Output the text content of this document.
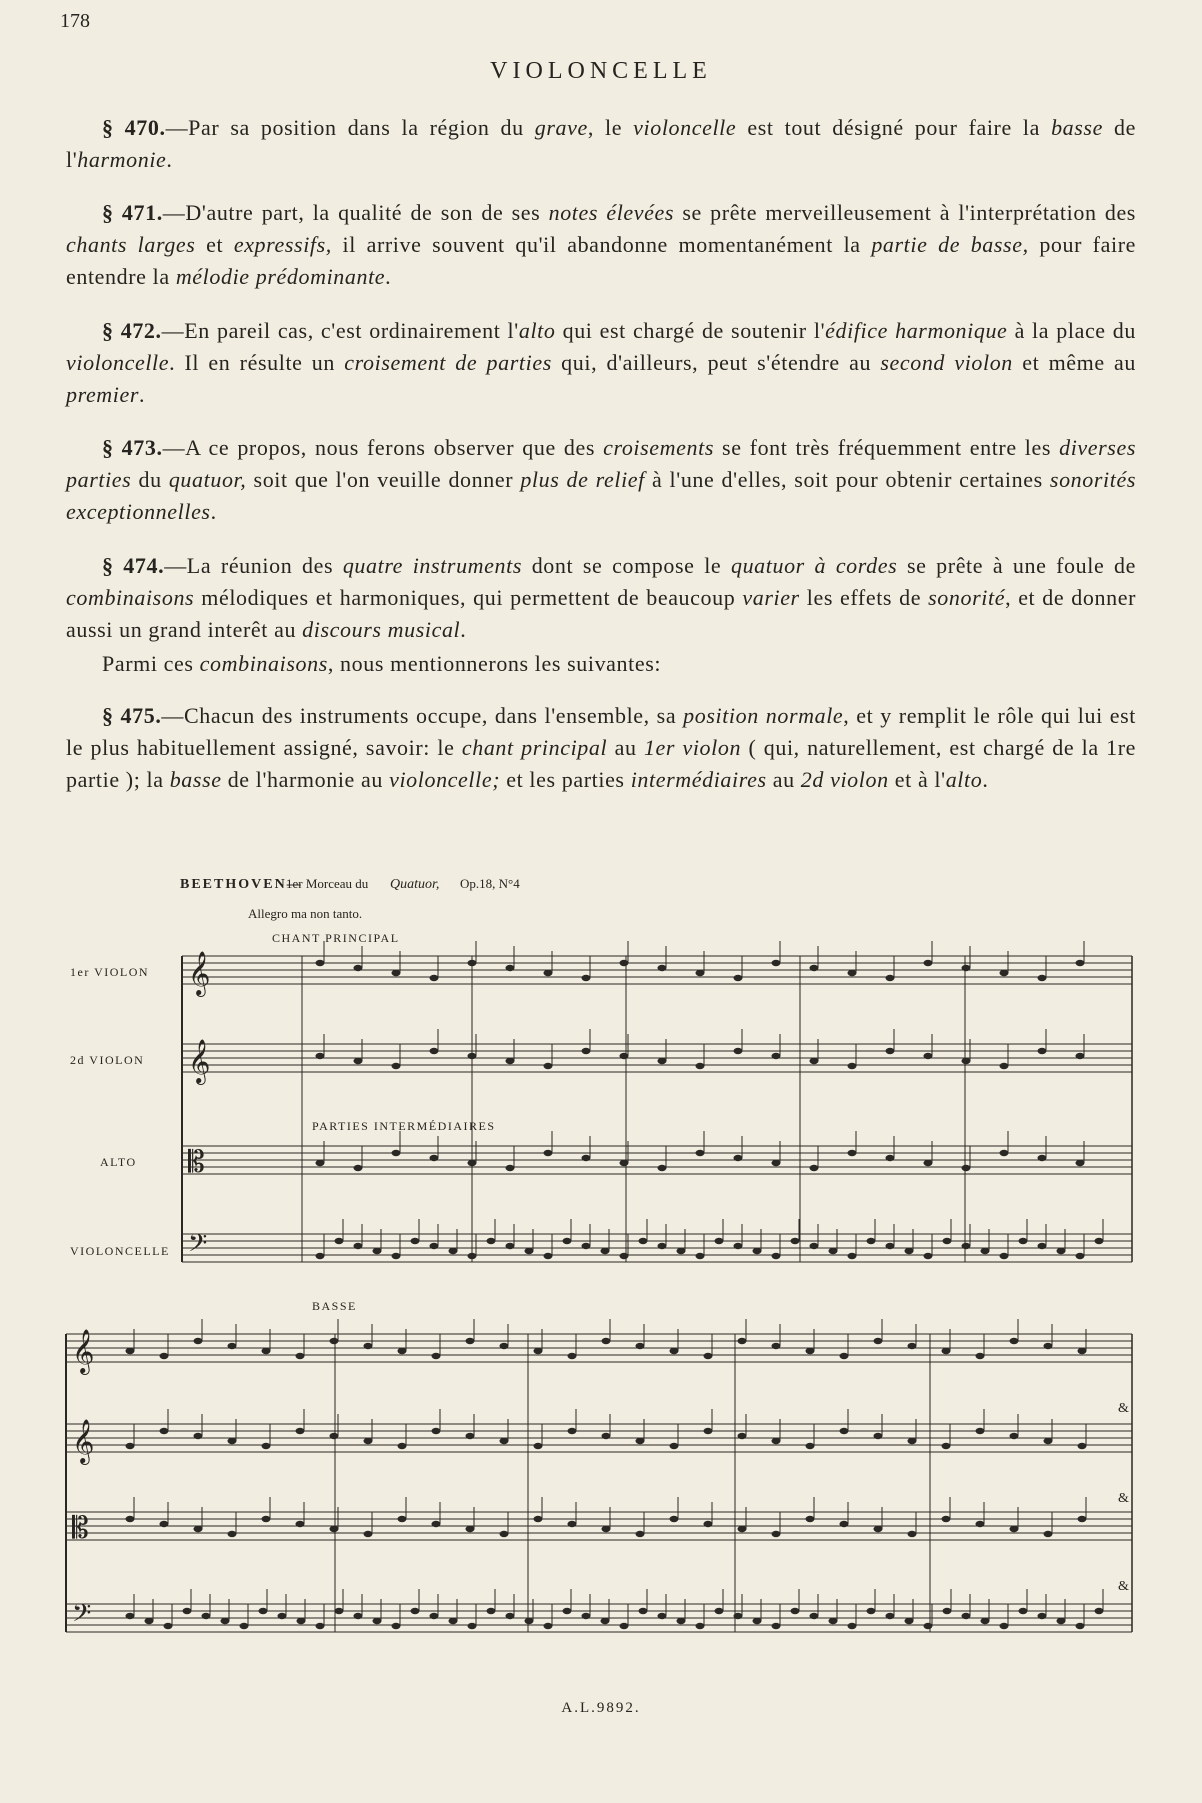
178
VIOLONCELLE
§ 470.—Par sa position dans la région du grave, le violoncelle est tout désigné pour faire la basse de l'harmonie.
§ 471.—D'autre part, la qualité de son de ses notes élevées se prête merveilleusement à l'interprétation des chants larges et expressifs, il arrive souvent qu'il abandonne momentanément la partie de basse, pour faire entendre la mélodie prédominante.
§ 472.—En pareil cas, c'est ordinairement l'alto qui est chargé de soutenir l'édifice harmonique à la place du violoncelle. Il en résulte un croisement de parties qui, d'ailleurs, peut s'étendre au second violon et même au premier.
§ 473.—A ce propos, nous ferons observer que des croisements se font très fréquemment entre les diverses parties du quatuor, soit que l'on veuille donner plus de relief à l'une d'elles, soit pour obtenir certaines sonorités exceptionnelles.
§ 474.—La réunion des quatre instruments dont se compose le quatuor à cordes se prête à une foule de combinaisons mélodiques et harmoniques, qui permettent de beaucoup varier les effets de sonorité, et de donner aussi un grand interêt au discours musical.
Parmi ces combinaisons, nous mentionnerons les suivantes:
§ 475.—Chacun des instruments occupe, dans l'ensemble, sa position normale, et y remplit le rôle qui lui est le plus habituellement assigné, savoir: le chant principal au 1er violon ( qui, naturellement, est chargé de la 1re partie ); la basse de l'harmonie au violoncelle; et les parties intermédiaires au 2d violon et à l'alto.
BEETHOVEN—
1er Morceau du Quatuor, Op.18, N°4
Allegro ma non tanto.
CHANT PRINCIPAL
PARTIES INTERMÉDIAIRES
BASSE
1er VIOLON
2d VIOLON
ALTO
VIOLONCELLE
&
&
&
𝄞
𝄞
𝄞
𝄞
𝄡
𝄡
𝄢
𝄢
A.L.9892.
